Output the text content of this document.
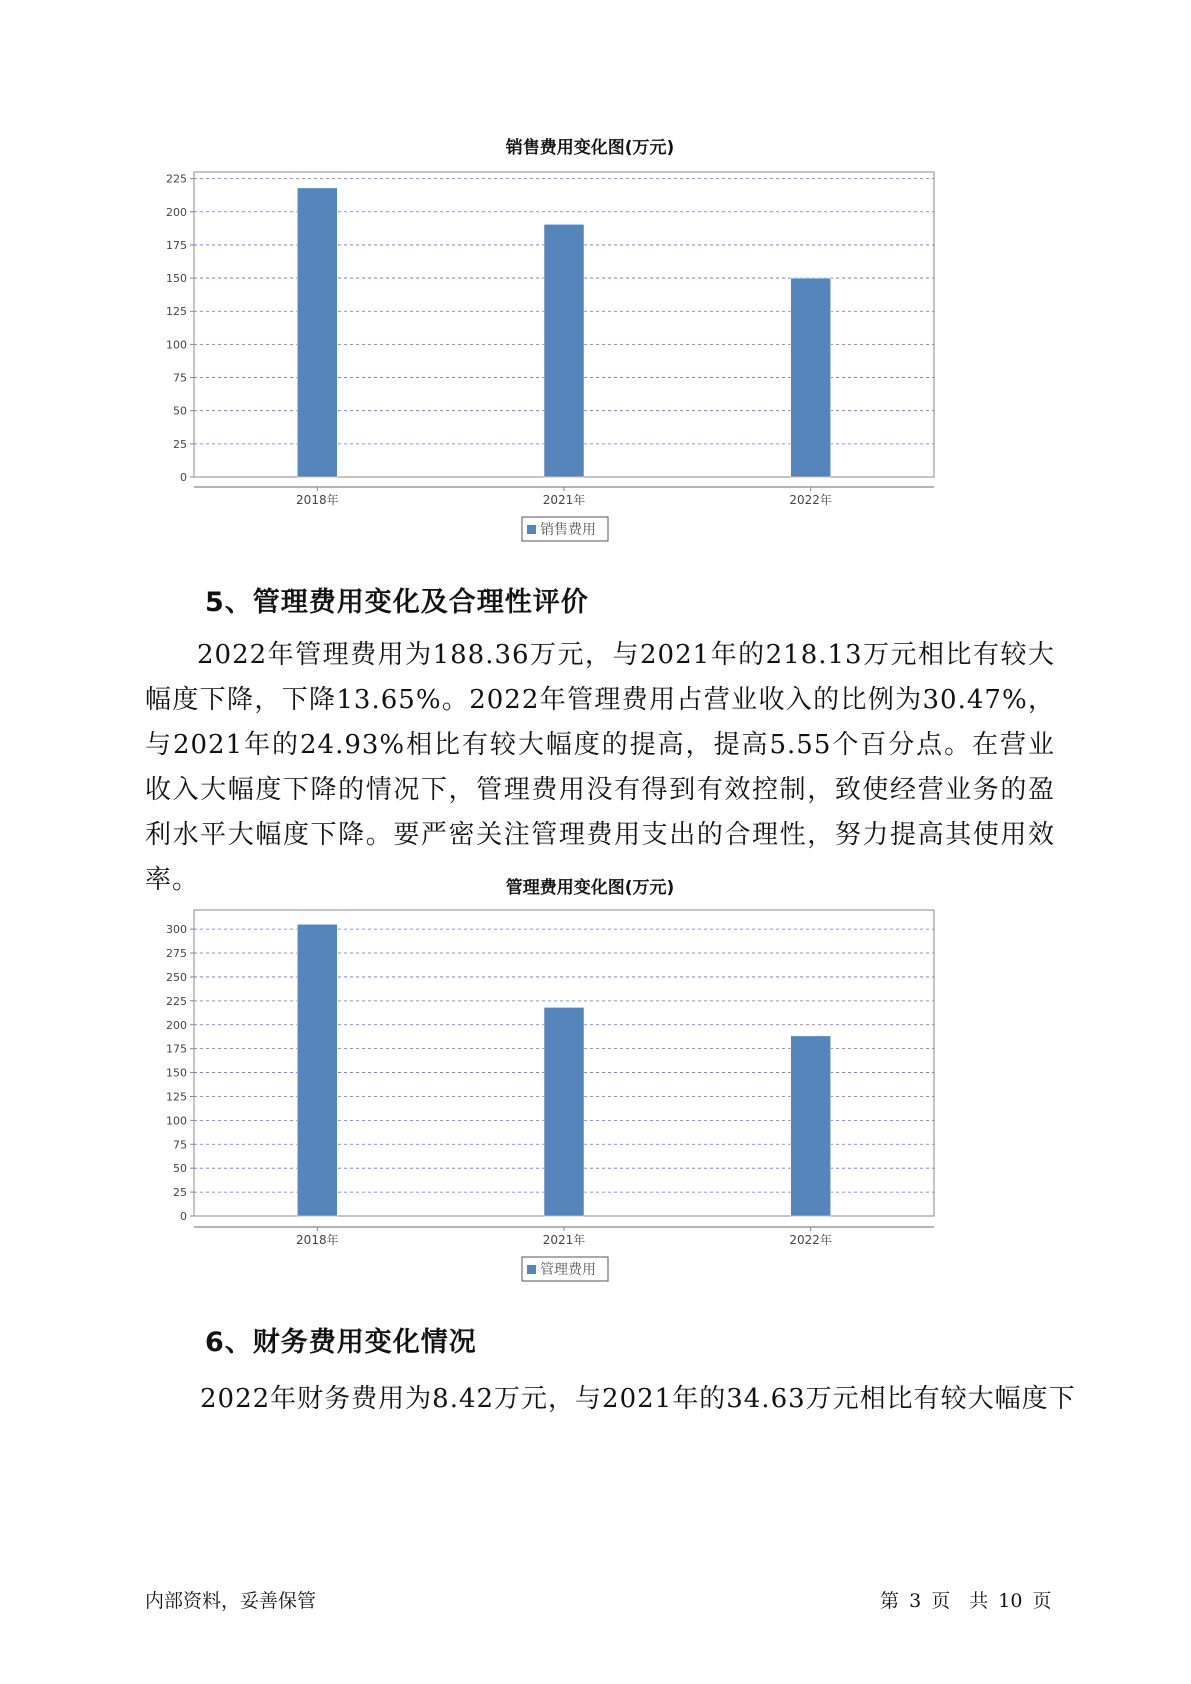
销售费用变化图(万元)
0
25
50
75
100
125
150
175
200
225
2018年	2021年	2022年
销售费用
5、管理费用变化及合理性评价
2022年管理费用为188.36万元，与2021年的218.13万元相比有较大幅度下降，下降13.65%。2022年管理费用占营业收入的比例为30.47%，与2021年的24.93%相比有较大幅度的提高，提高5.55个百分点。在营业收入大幅度下降的情况下，管理费用没有得到有效控制，致使经营业务的盈利水平大幅度下降。要严密关注管理费用支出的合理性，努力提高其使用效率。	管理费用变化图(万元)
0
25
50
75
100
125
150
175
200
225
250
275
300
2018年	2021年	2022年
管理费用
6、财务费用变化情况
2022年财务费用为8.42万元，与2021年的34.63万元相比有较大幅度下
内部资料，妥善保管	第 3 页　共 10 页
